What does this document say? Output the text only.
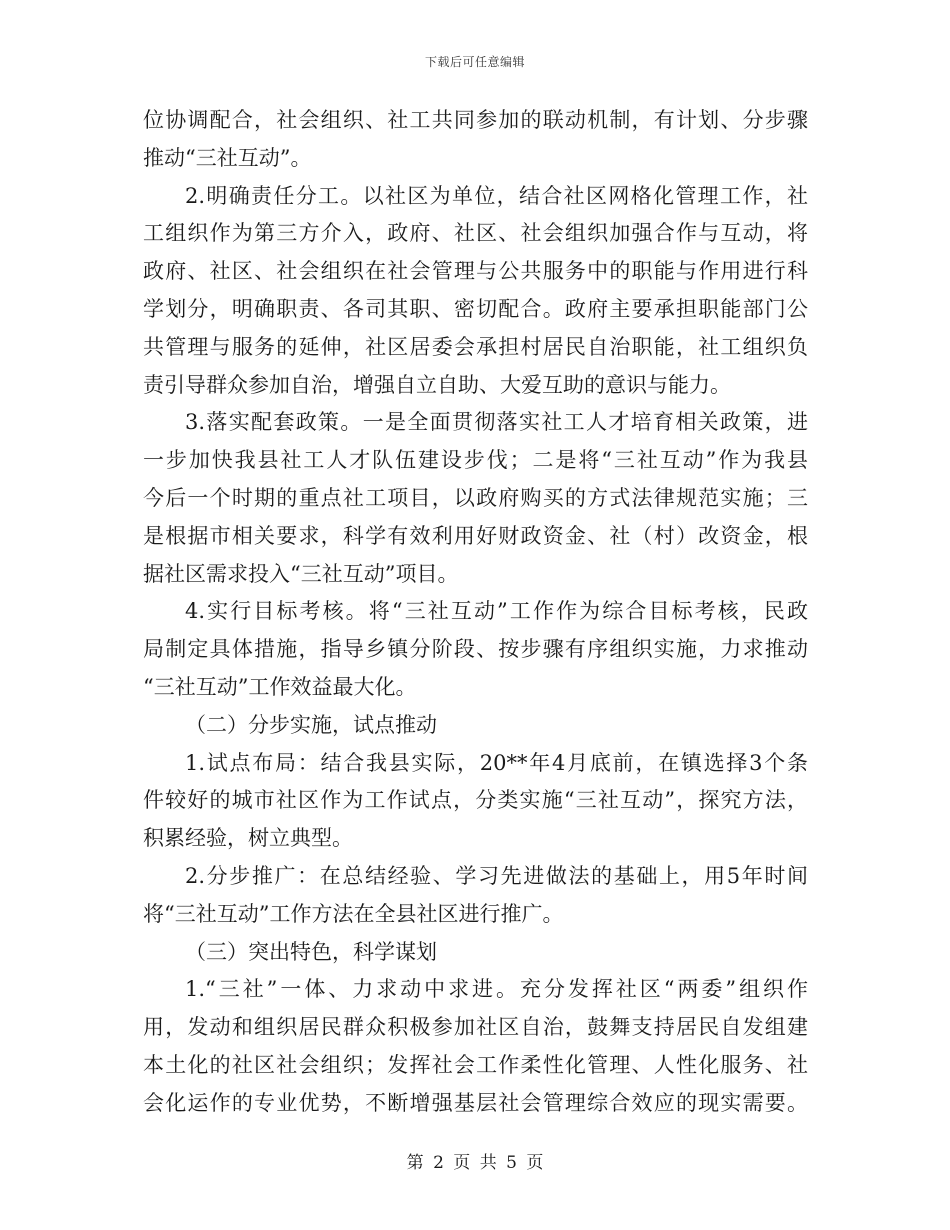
下载后可任意编辑
位协调配合，社会组织、社工共同参加的联动机制，有计划、分步骤
推动“三社互动”。
2.明确责任分工。以社区为单位，结合社区网格化管理工作，社
工组织作为第三方介入，政府、社区、社会组织加强合作与互动，将
政府、社区、社会组织在社会管理与公共服务中的职能与作用进行科
学划分，明确职责、各司其职、密切配合。政府主要承担职能部门公
共管理与服务的延伸，社区居委会承担村居民自治职能，社工组织负
责引导群众参加自治，增强自立自助、大爱互助的意识与能力。
3.落实配套政策。一是全面贯彻落实社工人才培育相关政策，进
一步加快我县社工人才队伍建设步伐；二是将“三社互动”作为我县
今后一个时期的重点社工项目，以政府购买的方式法律规范实施；三
是根据市相关要求，科学有效利用好财政资金、社（村）改资金，根
据社区需求投入“三社互动”项目。
4.实行目标考核。将“三社互动”工作作为综合目标考核，民政
局制定具体措施，指导乡镇分阶段、按步骤有序组织实施，力求推动
“三社互动”工作效益最大化。
（二）分步实施，试点推动
1.试点布局：结合我县实际，20**年4月底前，在镇选择3个条
件较好的城市社区作为工作试点，分类实施“三社互动”，探究方法，
积累经验，树立典型。
2.分步推广：在总结经验、学习先进做法的基础上，用5年时间
将“三社互动”工作方法在全县社区进行推广。
（三）突出特色，科学谋划
1.“三社”一体、力求动中求进。充分发挥社区“两委”组织作
用，发动和组织居民群众积极参加社区自治，鼓舞支持居民自发组建
本土化的社区社会组织；发挥社会工作柔性化管理、人性化服务、社
会化运作的专业优势，不断增强基层社会管理综合效应的现实需要。
第 2 页 共 5 页
